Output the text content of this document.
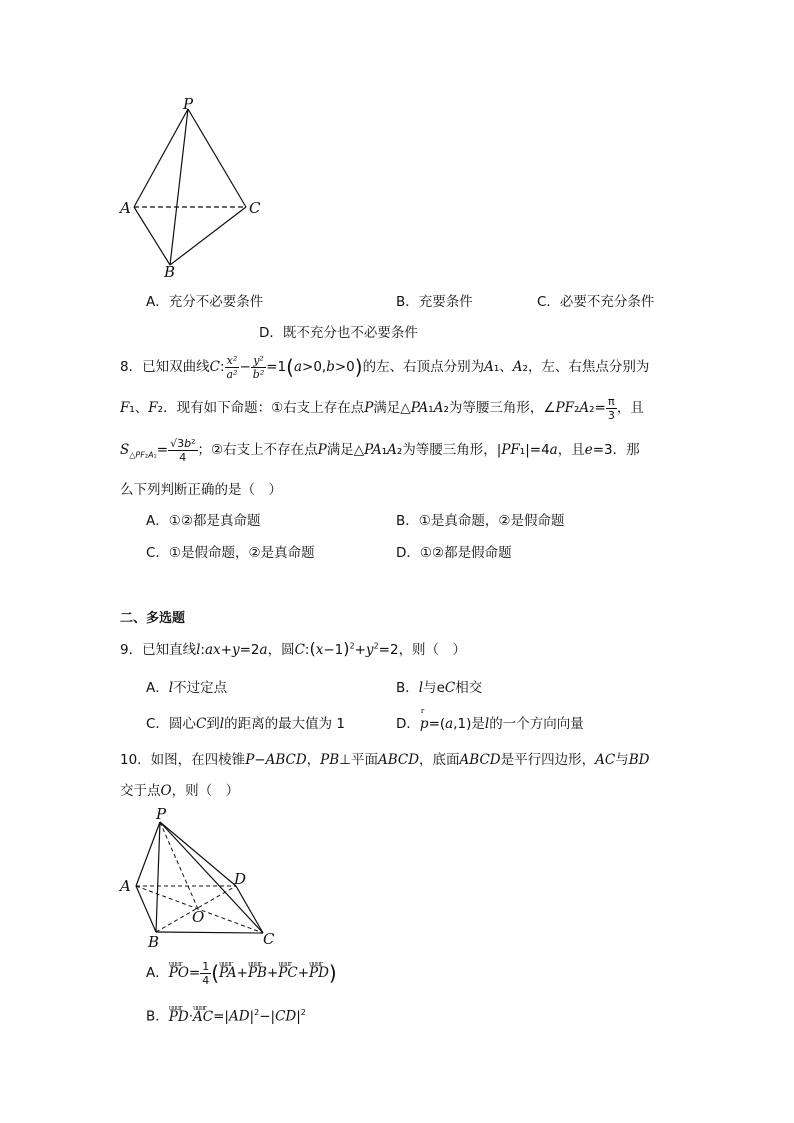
P
A	C
B
A．充分不必要条件	B．充要条件	C．必要不充分条件
D．既不充分也不必要条件
8．已知双曲线C: $\frac{\text{x²}}{\text{a²}} - \frac{\text{y²}}{\text{b²}} =1(a>0,b>0)$的左、右顶点分别为A₁、A₂，左、右焦点分别为
F₁、F₂．现有如下命题：①右支上存在点P满足△PA₁A₂为等腰三角形，∠PF₂A₂= $\frac{\pi}{3}$ ，且
$S_{\triangle PF_2A_1}= \frac{\text{√3b²}}{4}$ ；②右支上不存在点P满足△PA₁A₂为等腰三角形，|PF₁|=4a，且e=3．那
么下列判断正确的是（　）
A．①②都是真命题	B．①是真命题，②是假命题
C．①是假命题，②是真命题	D．①②都是假命题
二、多选题
9．已知直线l:ax+y=2a，圆$C:(x-1)^2+y^2=2$，则（　）
A．l不过定点	B．l与eC相交
C．圆心C到l的距离的最大值为 1	D．p
r
=(a,1)是l的一个方向向量
10．如图，在四棱锥P−ABCD，PB⊥平面ABCD，底面ABCD是平行四边形，AC与BD
交于点O，则（　）
P
A	D
O
B	C
A．uuur $PO= \frac{1}{4}$ (uuur PA+uuur PB+uuur PC+uuur PD)
B．uuur PD·uuur $AC=|AD|^2-|CD|^2$
